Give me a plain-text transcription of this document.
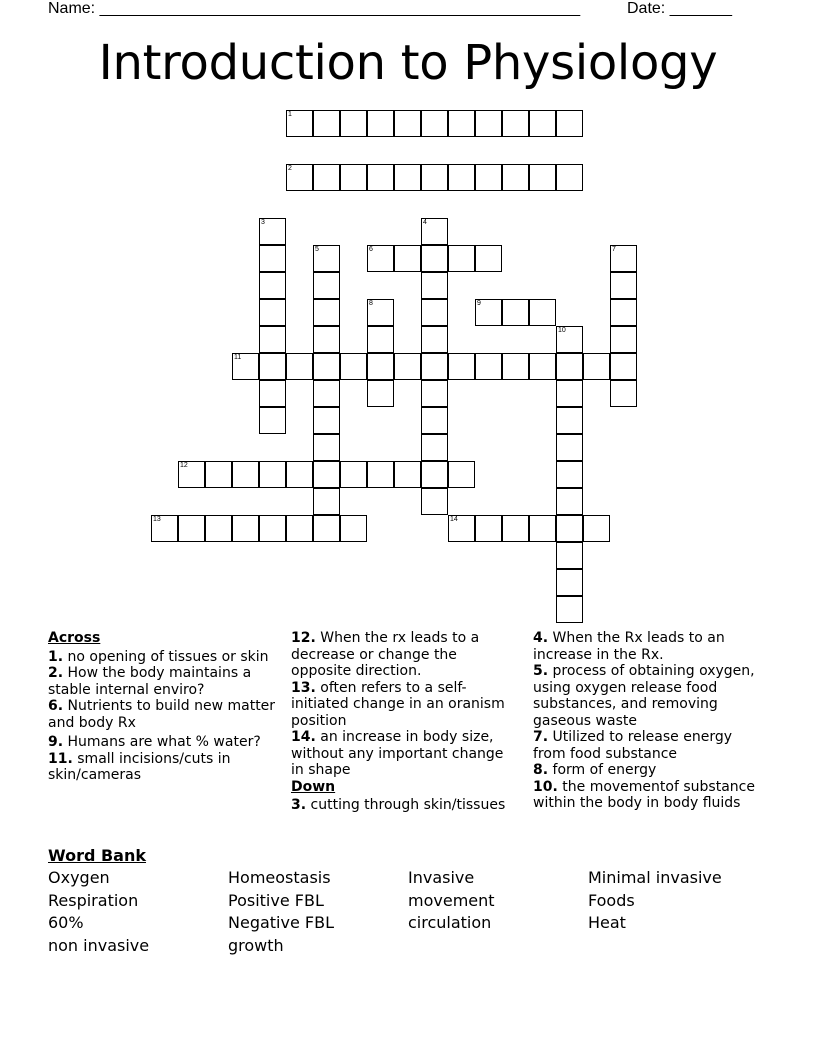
Name: ______________________________________________________	Date: _______
Introduction to Physiology
1
2
3	4
5	6	7
8	9
10
11
12
13	14
Across
1. no opening of tissues or skin
2. How the body maintains a stable internal enviro?
6. Nutrients to build new matter and body Rx
9. Humans are what % water?
11. small incisions/cuts in skin/cameras
12. When the rx leads to a decrease or change the opposite direction.
13. often refers to a self-initiated change in an oranism position
14. an increase in body size, without any important change in shape
Down
3. cutting through skin/tissues
4. When the Rx leads to an increase in the Rx.
5. process of obtaining oxygen, using oxygen release food substances, and removing gaseous waste
7. Utilized to release energy from food substance
8. form of energy
10. the movementof substance within the body in body fluids
Word Bank
Oxygen	Homeostasis	Invasive	Minimal invasive
Respiration	Positive FBL	movement	Foods
60%	Negative FBL	circulation	Heat
non invasive	growth
